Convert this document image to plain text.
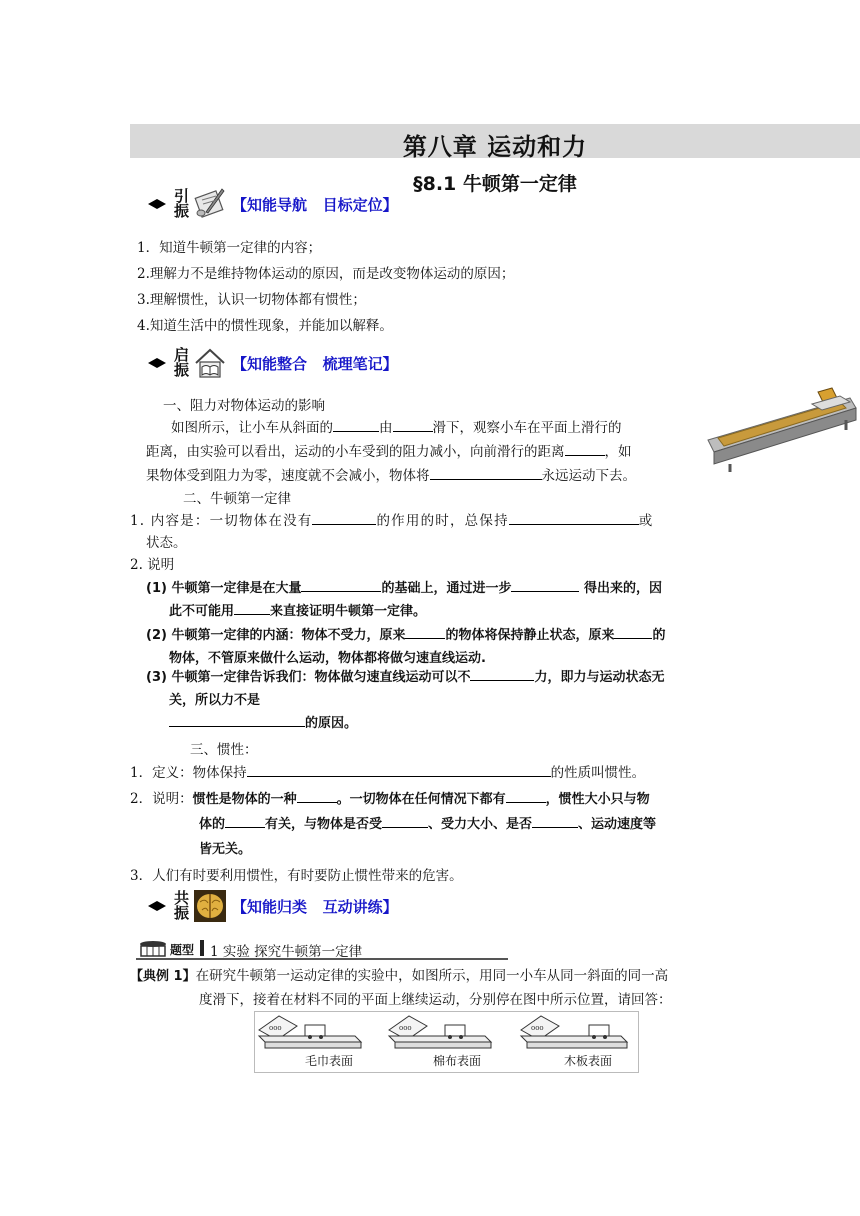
第八章 运动和力
§8.1 牛顿第一定律
引
振	【知能导航   目标定位】
1．知道牛顿第一定律的内容；
2.理解力不是维持物体运动的原因，而是改变物体运动的原因；
3.理解惯性，认识一切物体都有惯性；
4.知道生活中的惯性现象，并能加以解释。
启
振	【知能整合   梳理笔记】
一、阻力对物体运动的影响
如图所示，让小车从斜面的	由	滑下，观察小车在平面上滑行的
距离，由实验可以看出，运动的小车受到的阻力减小，向前滑行的距离	，如
果物体受到阻力为零，速度就不会减小，物体将	永远运动下去。
二、牛顿第一定律
1. 内容是：一切物体在没有	的作用的时，总保持	或
状态。
2. 说明
(1) 牛顿第一定律是在大量	的基础上，通过进一步	得出来的，因
此不可能用	来直接证明牛顿第一定律。
(2) 牛顿第一定律的内涵：物体不受力，原来	的物体将保持静止状态，原来	的
物体，不管原来做什么运动，物体都将做匀速直线运动.
(3) 牛顿第一定律告诉我们：物体做匀速直线运动可以不	力，即力与运动状态无
关，所以力不是
的原因。
三、惯性：
1．定义：物体保持	的性质叫惯性。
2．说明：惯性是物体的一种	。一切物体在任何情况下都有	，惯性大小只与物
体的	有关，与物体是否受	、受力大小、是否	、运动速度等
皆无关。
3．人们有时要利用惯性，有时要防止惯性带来的危害。
共
振	【知能归类   互动讲练】
题型 1 实验 探究牛顿第一定律
【典例 1】在研究牛顿第一运动定律的实验中，如图所示，用同一小车从同一斜面的同一高
度滑下，接着在材料不同的平面上继续运动，分别停在图中所示位置，请回答：
ooo	ooo	ooo
毛巾表面	棉布表面	木板表面
